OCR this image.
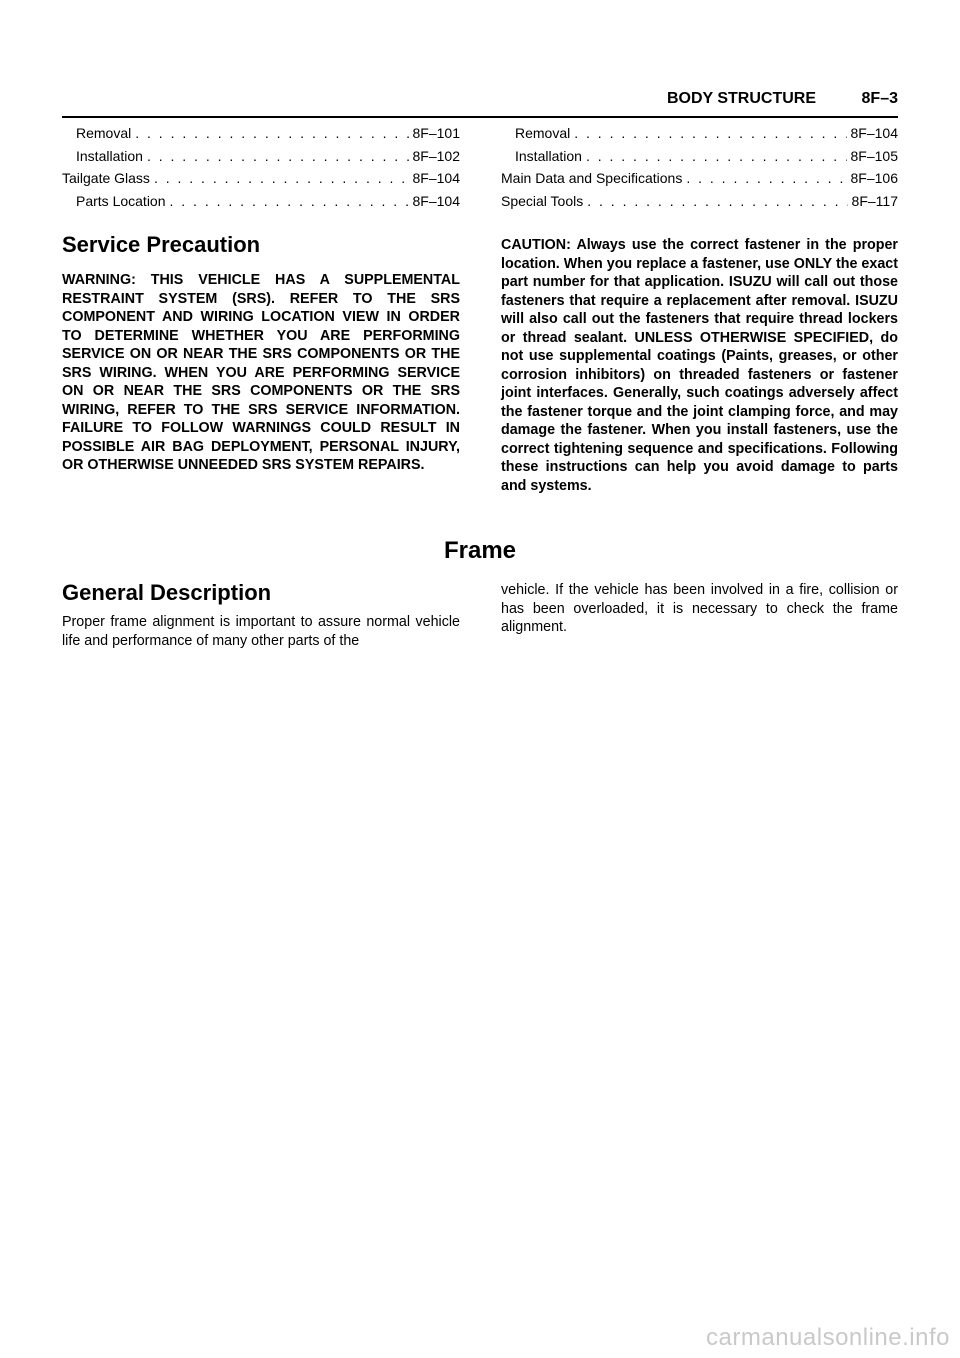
BODY STRUCTURE	8F–3
Removal . . .	8F–101
Installation . . .	8F–102
Tailgate Glass . . .	8F–104
Parts Location . . .	8F–104
Removal . . .	8F–104
Installation . . .	8F–105
Main Data and Specifications . . .	8F–106
Special Tools . . .	8F–117
Service Precaution
WARNING: THIS VEHICLE HAS A SUPPLEMENTAL RESTRAINT SYSTEM (SRS). REFER TO THE SRS COMPONENT AND WIRING LOCATION VIEW IN ORDER TO DETERMINE WHETHER YOU ARE PERFORMING SERVICE ON OR NEAR THE SRS COMPONENTS OR THE SRS WIRING. WHEN YOU ARE PERFORMING SERVICE ON OR NEAR THE SRS COMPONENTS OR THE SRS WIRING, REFER TO THE SRS SERVICE INFORMATION. FAILURE TO FOLLOW WARNINGS COULD RESULT IN POSSIBLE AIR BAG DEPLOYMENT, PERSONAL INJURY, OR OTHERWISE UNNEEDED SRS SYSTEM REPAIRS.
CAUTION: Always use the correct fastener in the proper location. When you replace a fastener, use ONLY the exact part number for that application. ISUZU will call out those fasteners that require a replacement after removal. ISUZU will also call out the fasteners that require thread lockers or thread sealant. UNLESS OTHERWISE SPECIFIED, do not use supplemental coatings (Paints, greases, or other corrosion inhibitors) on threaded fasteners or fastener joint interfaces. Generally, such coatings adversely affect the fastener torque and the joint clamping force, and may damage the fastener. When you install fasteners, use the correct tightening sequence and specifications. Following these instructions can help you avoid damage to parts and systems.
Frame
General Description
Proper frame alignment is important to assure normal vehicle life and performance of many other parts of the
vehicle. If the vehicle has been involved in a fire, collision or has been overloaded, it is necessary to check the frame alignment.
carmanualsonline.info
